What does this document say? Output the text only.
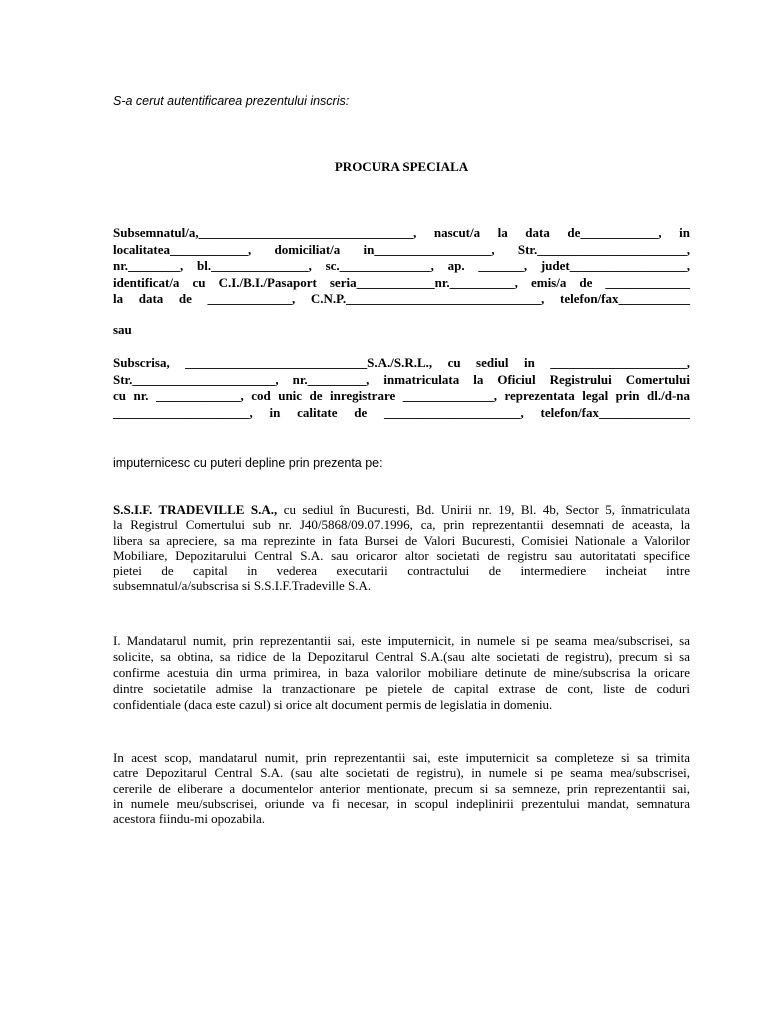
S-a cerut autentificarea prezentului inscris:
PROCURA SPECIALA
Subsemnatul/a,_________________________________, nascut/a la data de____________, in
localitatea____________, domiciliat/a in__________________, Str._______________________,
nr.________, bl._______________, sc.______________, ap. _______, judet__________________,
identificat/a cu C.I./B.I./Pasaport seria____________nr.__________, emis/a de _____________
la data de _____________, C.N.P.______________________________, telefon/fax___________
sau
Subscrisa, ____________________________S.A./S.R.L., cu sediul in _____________________,
Str.______________________, nr._________, inmatriculata la Oficiul Registrului Comertului
cu nr. _____________, cod unic de inregistrare ______________, reprezentata legal prin dl./d-na
_____________________, in calitate de _____________________, telefon/fax______________
imputernicesc cu puteri depline prin prezenta pe:
S.S.I.F. TRADEVILLE S.A., cu sediul în Bucuresti, Bd. Unirii nr. 19, Bl. 4b, Sector 5, înmatriculata
la Registrul Comertului sub nr. J40/5868/09.07.1996, ca, prin reprezentantii desemnati de aceasta, la
libera sa apreciere, sa ma reprezinte in fata Bursei de Valori Bucuresti, Comisiei Nationale a Valorilor
Mobiliare, Depozitarului Central S.A. sau oricaror altor societati de registru sau autoritatati specifice
pietei de capital in vederea executarii contractului de intermediere incheiat intre
subsemnatul/a/subscrisa si S.S.I.F.Tradeville S.A.
I. Mandatarul numit, prin reprezentantii sai, este imputernicit, in numele si pe seama mea/subscrisei, sa
solicite, sa obtina, sa ridice de la Depozitarul Central S.A.(sau alte societati de registru), precum si sa
confirme acestuia din urma primirea, in baza valorilor mobiliare detinute de mine/subscrisa la oricare
dintre societatile admise la tranzactionare pe pietele de capital extrase de cont, liste de coduri
confidentiale (daca este cazul) si orice alt document permis de legislatia in domeniu.
In acest scop, mandatarul numit, prin reprezentantii sai, este imputernicit sa completeze si sa trimita
catre Depozitarul Central S.A. (sau alte societati de registru), in numele si pe seama mea/subscrisei,
cererile de eliberare a documentelor anterior mentionate, precum si sa semneze, prin reprezentantii sai,
in numele meu/subscrisei, oriunde va fi necesar, in scopul indeplinirii prezentului mandat, semnatura
acestora fiindu-mi opozabila.
